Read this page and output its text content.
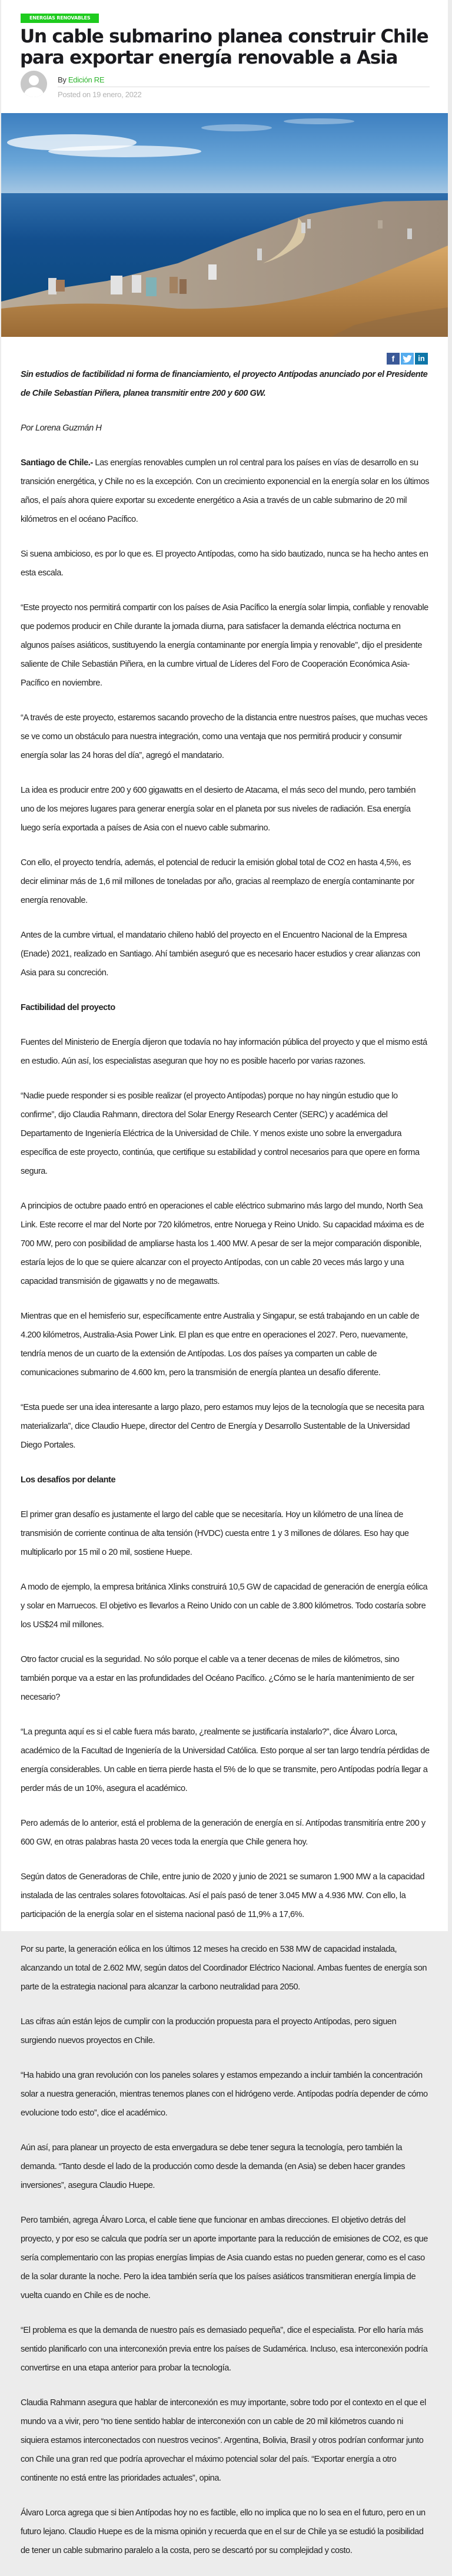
ENERGÍAS RENOVABLES
Un cable submarino planea construir Chile para exportar energía renovable a Asia
By Edición RE
Posted on 19 enero, 2022
f	in

Sin estudios de factibilidad ni forma de financiamiento, el proyecto Antípodas anunciado por el Presidente de Chile Sebastían Piñera, planea transmitir entre 200 y 600 GW.

Por Lorena Guzmán H

Santiago de Chile.- Las energías renovables cumplen un rol central para los países en vías de desarrollo en su transición energética, y Chile no es la excepción. Con un crecimiento exponencial en la energía solar en los últimos años, el país ahora quiere exportar su excedente energético a Asia a través de un cable submarino de 20 mil kilómetros en el océano Pacífico.

Si suena ambicioso, es por lo que es. El proyecto Antípodas, como ha sido bautizado, nunca se ha hecho antes en esta escala.

“Este proyecto nos permitirá compartir con los países de Asia Pacífico la energía solar limpia, confiable y renovable que podemos producir en Chile durante la jornada diurna, para satisfacer la demanda eléctrica nocturna en algunos países asiáticos, sustituyendo la energía contaminante por energía limpia y renovable”, dijo el presidente saliente de Chile Sebastián Piñera, en la cumbre virtual de Líderes del Foro de Cooperación Económica Asia-Pacífico en noviembre.

“A través de este proyecto, estaremos sacando provecho de la distancia entre nuestros países, que muchas veces se ve como un obstáculo para nuestra integración, como una ventaja que nos permitirá producir y consumir energía solar las 24 horas del día”, agregó el mandatario.

La idea es producir entre 200 y 600 gigawatts en el desierto de Atacama, el más seco del mundo, pero también uno de los mejores lugares para generar energía solar en el planeta por sus niveles de radiación. Esa energía luego sería exportada a países de Asia con el nuevo cable submarino.

Con ello, el proyecto tendría, además, el potencial de reducir la emisión global total de CO2 en hasta 4,5%, es decir eliminar más de 1,6 mil millones de toneladas por año, gracias al reemplazo de energía contaminante por energía renovable.

Antes de la cumbre virtual, el mandatario chileno habló del proyecto en el Encuentro Nacional de la Empresa (Enade) 2021, realizado en Santiago. Ahí también aseguró que es necesario hacer estudios y crear alianzas con Asia para su concreción.

Factibilidad del proyecto

Fuentes del Ministerio de Energía dijeron que todavía no hay información pública del proyecto y que el mismo está en estudio. Aún así, los especialistas aseguran que hoy no es posible hacerlo por varias razones.

“Nadie puede responder si es posible realizar (el proyecto Antípodas) porque no hay ningún estudio que lo confirme”, dijo Claudia Rahmann, directora del Solar Energy Research Center (SERC) y académica del Departamento de Ingeniería Eléctrica de la Universidad de Chile. Y menos existe uno sobre la envergadura específica de este proyecto, continúa, que certifique su estabilidad y control necesarios para que opere en forma segura.

A principios de octubre paado entró en operaciones el cable eléctrico submarino más largo del mundo, North Sea Link. Este recorre el mar del Norte por 720 kilómetros, entre Noruega y Reino Unido. Su capacidad máxima es de 700 MW, pero con posibilidad de ampliarse hasta los 1.400 MW. A pesar de ser la mejor comparación disponible, estaría lejos de lo que se quiere alcanzar con el proyecto Antípodas, con un cable 20 veces más largo y una capacidad transmisión de gigawatts y no de megawatts.

Mientras que en el hemisferio sur, específicamente entre Australia y Singapur, se está trabajando en un cable de 4.200 kilómetros, Australia-Asia Power Link. El plan es que entre en operaciones el 2027. Pero, nuevamente, tendría menos de un cuarto de la extensión de Antípodas. Los dos países ya comparten un cable de comunicaciones submarino de 4.600 km, pero la transmisión de energía plantea un desafío diferente.

“Esta puede ser una idea interesante a largo plazo, pero estamos muy lejos de la tecnología que se necesita para materializarla”, dice Claudio Huepe, director del Centro de Energía y Desarrollo Sustentable de la Universidad Diego Portales.

Los desafíos por delante

El primer gran desafío es justamente el largo del cable que se necesitaría. Hoy un kilómetro de una línea de transmisión de corriente continua de alta tensión (HVDC) cuesta entre 1 y 3 millones de dólares. Eso hay que multiplicarlo por 15 mil o 20 mil, sostiene Huepe.

A modo de ejemplo, la empresa británica Xlinks construirá 10,5 GW de capacidad de generación de energía eólica y solar en Marruecos. El objetivo es llevarlos a Reino Unido con un cable de 3.800 kilómetros. Todo costaría sobre los US$24 mil millones.

Otro factor crucial es la seguridad. No sólo porque el cable va a tener decenas de miles de kilómetros, sino también porque va a estar en las profundidades del Océano Pacífico. ¿Cómo se le haría mantenimiento de ser necesario?

“La pregunta aquí es si el cable fuera más barato, ¿realmente se justificaría instalarlo?”, dice Álvaro Lorca, académico de la Facultad de Ingeniería de la Universidad Católica. Esto porque al ser tan largo tendría pérdidas de energía considerables. Un cable en tierra pierde hasta el 5% de lo que se transmite, pero Antípodas podría llegar a perder más de un 10%, asegura el académico.

Pero además de lo anterior, está el problema de la generación de energía en sí. Antípodas transmitiría entre 200 y 600 GW, en otras palabras hasta 20 veces toda la energía que Chile genera hoy.

Según datos de Generadoras de Chile, entre junio de 2020 y junio de 2021 se sumaron 1.900 MW a la capacidad instalada de las centrales solares fotovoltaicas. Así el país pasó de tener 3.045 MW a 4.936 MW. Con ello, la participación de la energía solar en el sistema nacional pasó de 11,9% a 17,6%.

Por su parte, la generación eólica en los últimos 12 meses ha crecido en 538 MW de capacidad instalada, alcanzando un total de 2.602 MW, según datos del Coordinador Eléctrico Nacional. Ambas fuentes de energía son parte de la estrategia nacional para alcanzar la carbono neutralidad para 2050.

Las cifras aún están lejos de cumplir con la producción propuesta para el proyecto Antípodas, pero siguen surgiendo nuevos proyectos en Chile.

“Ha habido una gran revolución con los paneles solares y estamos empezando a incluir también la concentración solar a nuestra generación, mientras tenemos planes con el hidrógeno verde. Antípodas podría depender de cómo evolucione todo esto”, dice el académico.

Aún así, para planear un proyecto de esta envergadura se debe tener segura la tecnología, pero también la demanda. “Tanto desde el lado de la producción como desde la demanda (en Asia) se deben hacer grandes inversiones”, asegura Claudio Huepe.

Pero también, agrega Álvaro Lorca, el cable tiene que funcionar en ambas direcciones. El objetivo detrás del proyecto, y por eso se calcula que podría ser un aporte importante para la reducción de emisiones de CO2, es que sería complementario con las propias energías limpias de Asia cuando estas no pueden generar, como es el caso de la solar durante la noche. Pero la idea también sería que los países asiáticos transmitieran energía limpia de vuelta cuando en Chile es de noche.

“El problema es que la demanda de nuestro país es demasiado pequeña”, dice el especialista. Por ello haría más sentido planificarlo con una interconexión previa entre los países de Sudamérica. Incluso, esa interconexión podría convertirse en una etapa anterior para probar la tecnología.

Claudia Rahmann asegura que hablar de interconexión es muy importante, sobre todo por el contexto en el que el mundo va a vivir, pero “no tiene sentido hablar de interconexión con un cable de 20 mil kilómetros cuando ni siquiera estamos interconectados con nuestros vecinos”. Argentina, Bolivia, Brasil y otros podrían conformar junto con Chile una gran red que podría aprovechar el máximo potencial solar del país. “Exportar energía a otro continente no está entre las prioridades actuales”, opina.

Álvaro Lorca agrega que si bien Antípodas hoy no es factible, ello no implica que no lo sea en el futuro, pero en un futuro lejano. Claudio Huepe es de la misma opinión y recuerda que en el sur de Chile ya se estudió la posibilidad de tener un cable submarino paralelo a la costa, pero se descartó por su complejidad y costo.
